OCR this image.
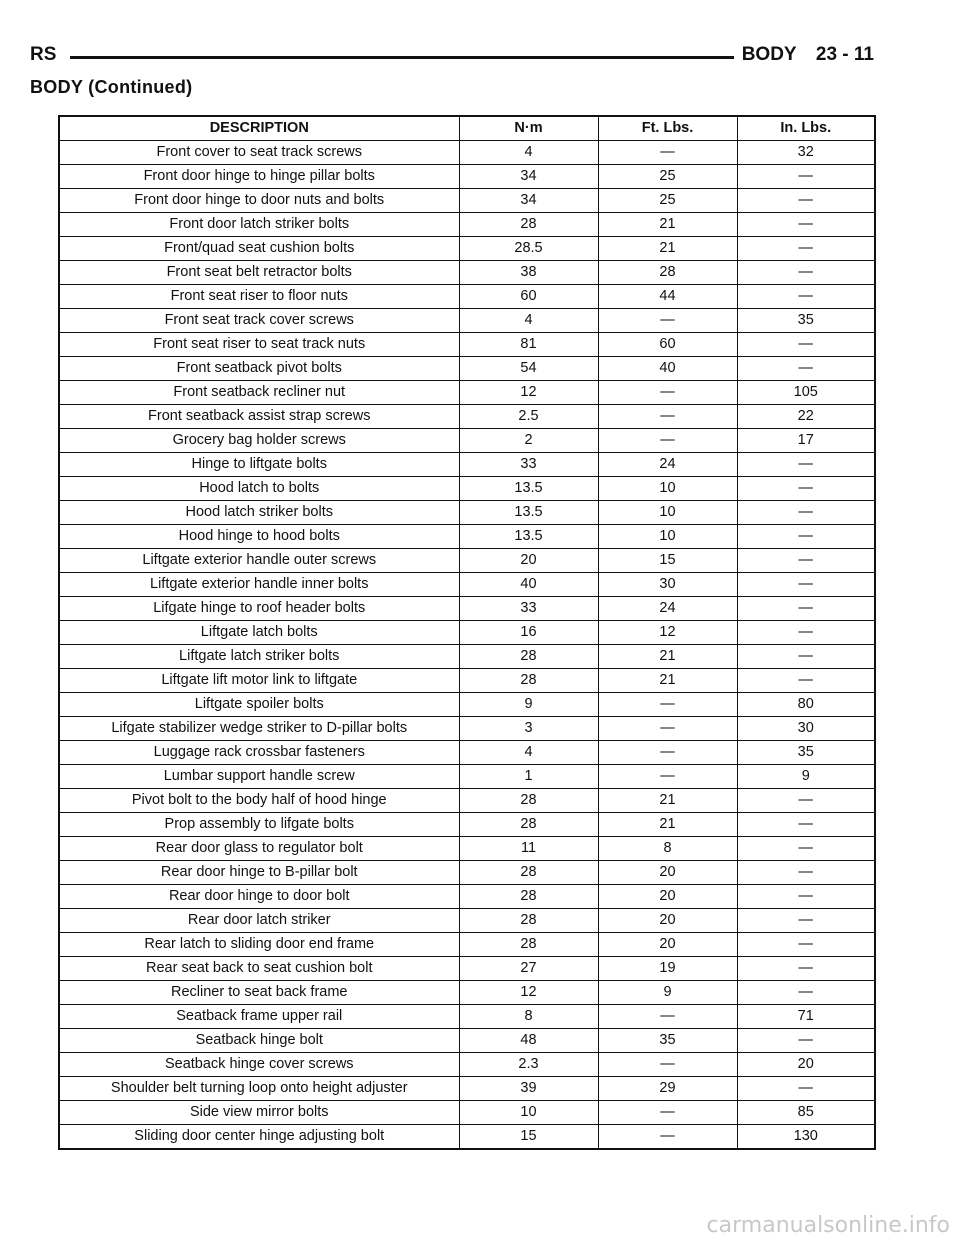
RS	BODY 23 - 11
BODY (Continued)
DESCRIPTION	N·m	Ft. Lbs.	In. Lbs.
Front cover to seat track screws	4	—	32
Front door hinge to hinge pillar bolts	34	25	—
Front door hinge to door nuts and bolts	34	25	—
Front door latch striker bolts	28	21	—
Front/quad seat cushion bolts	28.5	21	—
Front seat belt retractor bolts	38	28	—
Front seat riser to floor nuts	60	44	—
Front seat track cover screws	4	—	35
Front seat riser to seat track nuts	81	60	—
Front seatback pivot bolts	54	40	—
Front seatback recliner nut	12	—	105
Front seatback assist strap screws	2.5	—	22
Grocery bag holder screws	2	—	17
Hinge to liftgate bolts	33	24	—
Hood latch to bolts	13.5	10	—
Hood latch striker bolts	13.5	10	—
Hood hinge to hood bolts	13.5	10	—
Liftgate exterior handle outer screws	20	15	—
Liftgate exterior handle inner bolts	40	30	—
Lifgate hinge to roof header bolts	33	24	—
Liftgate latch bolts	16	12	—
Liftgate latch striker bolts	28	21	—
Liftgate lift motor link to liftgate	28	21	—
Liftgate spoiler bolts	9	—	80
Lifgate stabilizer wedge striker to D-pillar bolts	3	—	30
Luggage rack crossbar fasteners	4	—	35
Lumbar support handle screw	1	—	9
Pivot bolt to the body half of hood hinge	28	21	—
Prop assembly to lifgate bolts	28	21	—
Rear door glass to regulator bolt	11	8	—
Rear door hinge to B-pillar bolt	28	20	—
Rear door hinge to door bolt	28	20	—
Rear door latch striker	28	20	—
Rear latch to sliding door end frame	28	20	—
Rear seat back to seat cushion bolt	27	19	—
Recliner to seat back frame	12	9	—
Seatback frame upper rail	8	—	71
Seatback hinge bolt	48	35	—
Seatback hinge cover screws	2.3	—	20
Shoulder belt turning loop onto height adjuster	39	29	—
Side view mirror bolts	10	—	85
Sliding door center hinge adjusting bolt	15	—	130
carmanualsonline.info
